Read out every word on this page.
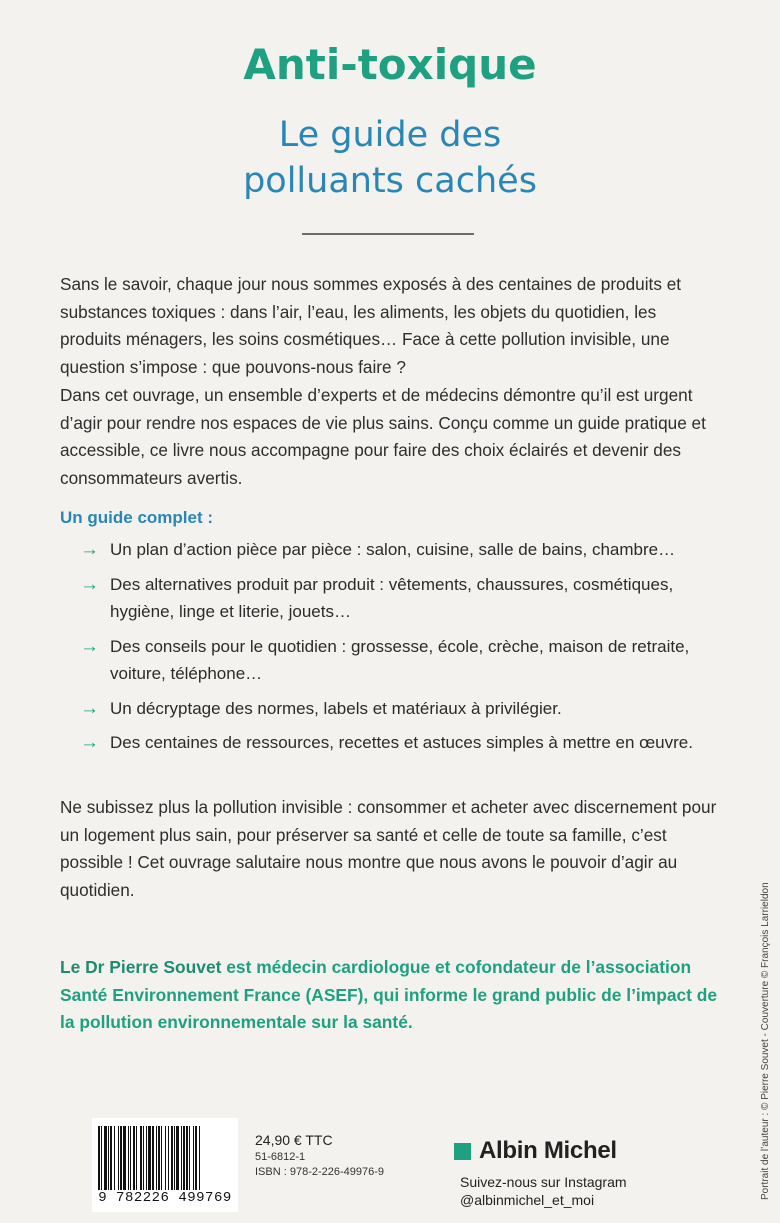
Anti-toxique
Le guide des
polluants cachés

Sans le savoir, chaque jour nous sommes exposés à des centaines de produits et substances toxiques : dans l’air, l’eau, les aliments, les objets du quotidien, les produits ménagers, les soins cosmétiques… Face à cette pollution invisible, une question s’impose : que pouvons-nous faire ?

Dans cet ouvrage, un ensemble d’experts et de médecins démontre qu’il est urgent d’agir pour rendre nos espaces de vie plus sains. Conçu comme un guide pratique et accessible, ce livre nous accompagne pour faire des choix éclairés et devenir des consommateurs avertis.

Un guide complet :
→ Un plan d’action pièce par pièce : salon, cuisine, salle de bains, chambre…
→ Des alternatives produit par produit : vêtements, chaussures, cosmétiques, hygiène, linge et literie, jouets…
→ Des conseils pour le quotidien : grossesse, école, crèche, maison de retraite, voiture, téléphone…
→ Un décryptage des normes, labels et matériaux à privilégier.
→ Des centaines de ressources, recettes et astuces simples à mettre en œuvre.

Ne subissez plus la pollution invisible : consommer et acheter avec discernement pour un logement plus sain, pour préserver sa santé et celle de toute sa famille, c’est possible ! Cet ouvrage salutaire nous montre que nous avons le pouvoir d’agir au quotidien.

Le Dr Pierre Souvet est médecin cardiologue et cofondateur de l’association Santé Environnement France (ASEF), qui informe le grand public de l’impact de la pollution environnementale sur la santé.	Portrait de l’auteur : © Pierre Souvet - Couverture © François Larrieldon
9 782226 499769
24,90 € TTC
51-6812-1
ISBN : 978-2-226-49976-9
Albin Michel
Suivez-nous sur Instagram
@albinmichel_et_moi
